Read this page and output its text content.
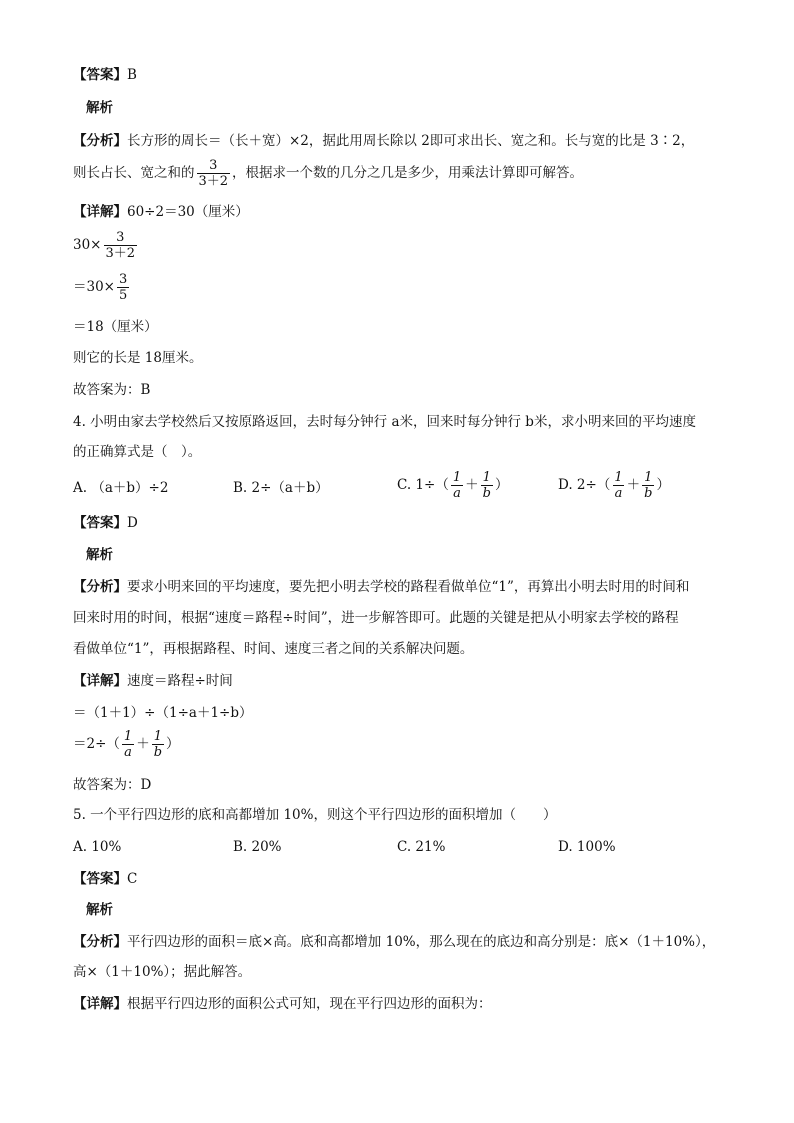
【答案】B
解析
【分析】长方形的周长＝（长＋宽）×2，据此用周长除以 2即可求出长、宽之和。长与宽的比是 3∶2，
则长占长、宽之和的 $\frac{3}{3+2}$ ，根据求一个数的几分之几是多少，用乘法计算即可解答。
【详解】60÷2＝30（厘米）
$30\times \frac{3}{3+2}$
$=30\times \frac{3}{5}$
＝18（厘米）
则它的长是 18厘米。
故答案为：B
4. 小明由家去学校然后又按原路返回，去时每分钟行 a米，回来时每分钟行 b米，求小明来回的平均速度
的正确算式是（　）。
A. （a＋b）÷2	B. 2÷（a＋b）	C. $1\div( \frac{1}{a} + \frac{1}{b}$ ）	D. $2\div( \frac{1}{a} + \frac{1}{b}$ ）
【答案】D
解析
【分析】要求小明来回的平均速度，要先把小明去学校的路程看做单位“1”，再算出小明去时用的时间和
回来时用的时间，根据“速度＝路程÷时间”，进一步解答即可。此题的关键是把从小明家去学校的路程
看做单位“1”，再根据路程、时间、速度三者之间的关系解决问题。
【详解】速度＝路程÷时间
＝（1＋1）÷（1÷a＋1÷b）
$=2\div( \frac{1}{a} + \frac{1}{b}$ ）
故答案为：D
5. 一个平行四边形的底和高都增加 10%，则这个平行四边形的面积增加（　　）
A. 10%	B. 20%	C. 21%	D. 100%
【答案】C
解析
【分析】平行四边形的面积＝底×高。底和高都增加 10%，那么现在的底边和高分别是：底×（1＋10%），
高×（1＋10%）；据此解答。
【详解】根据平行四边形的面积公式可知，现在平行四边形的面积为：
